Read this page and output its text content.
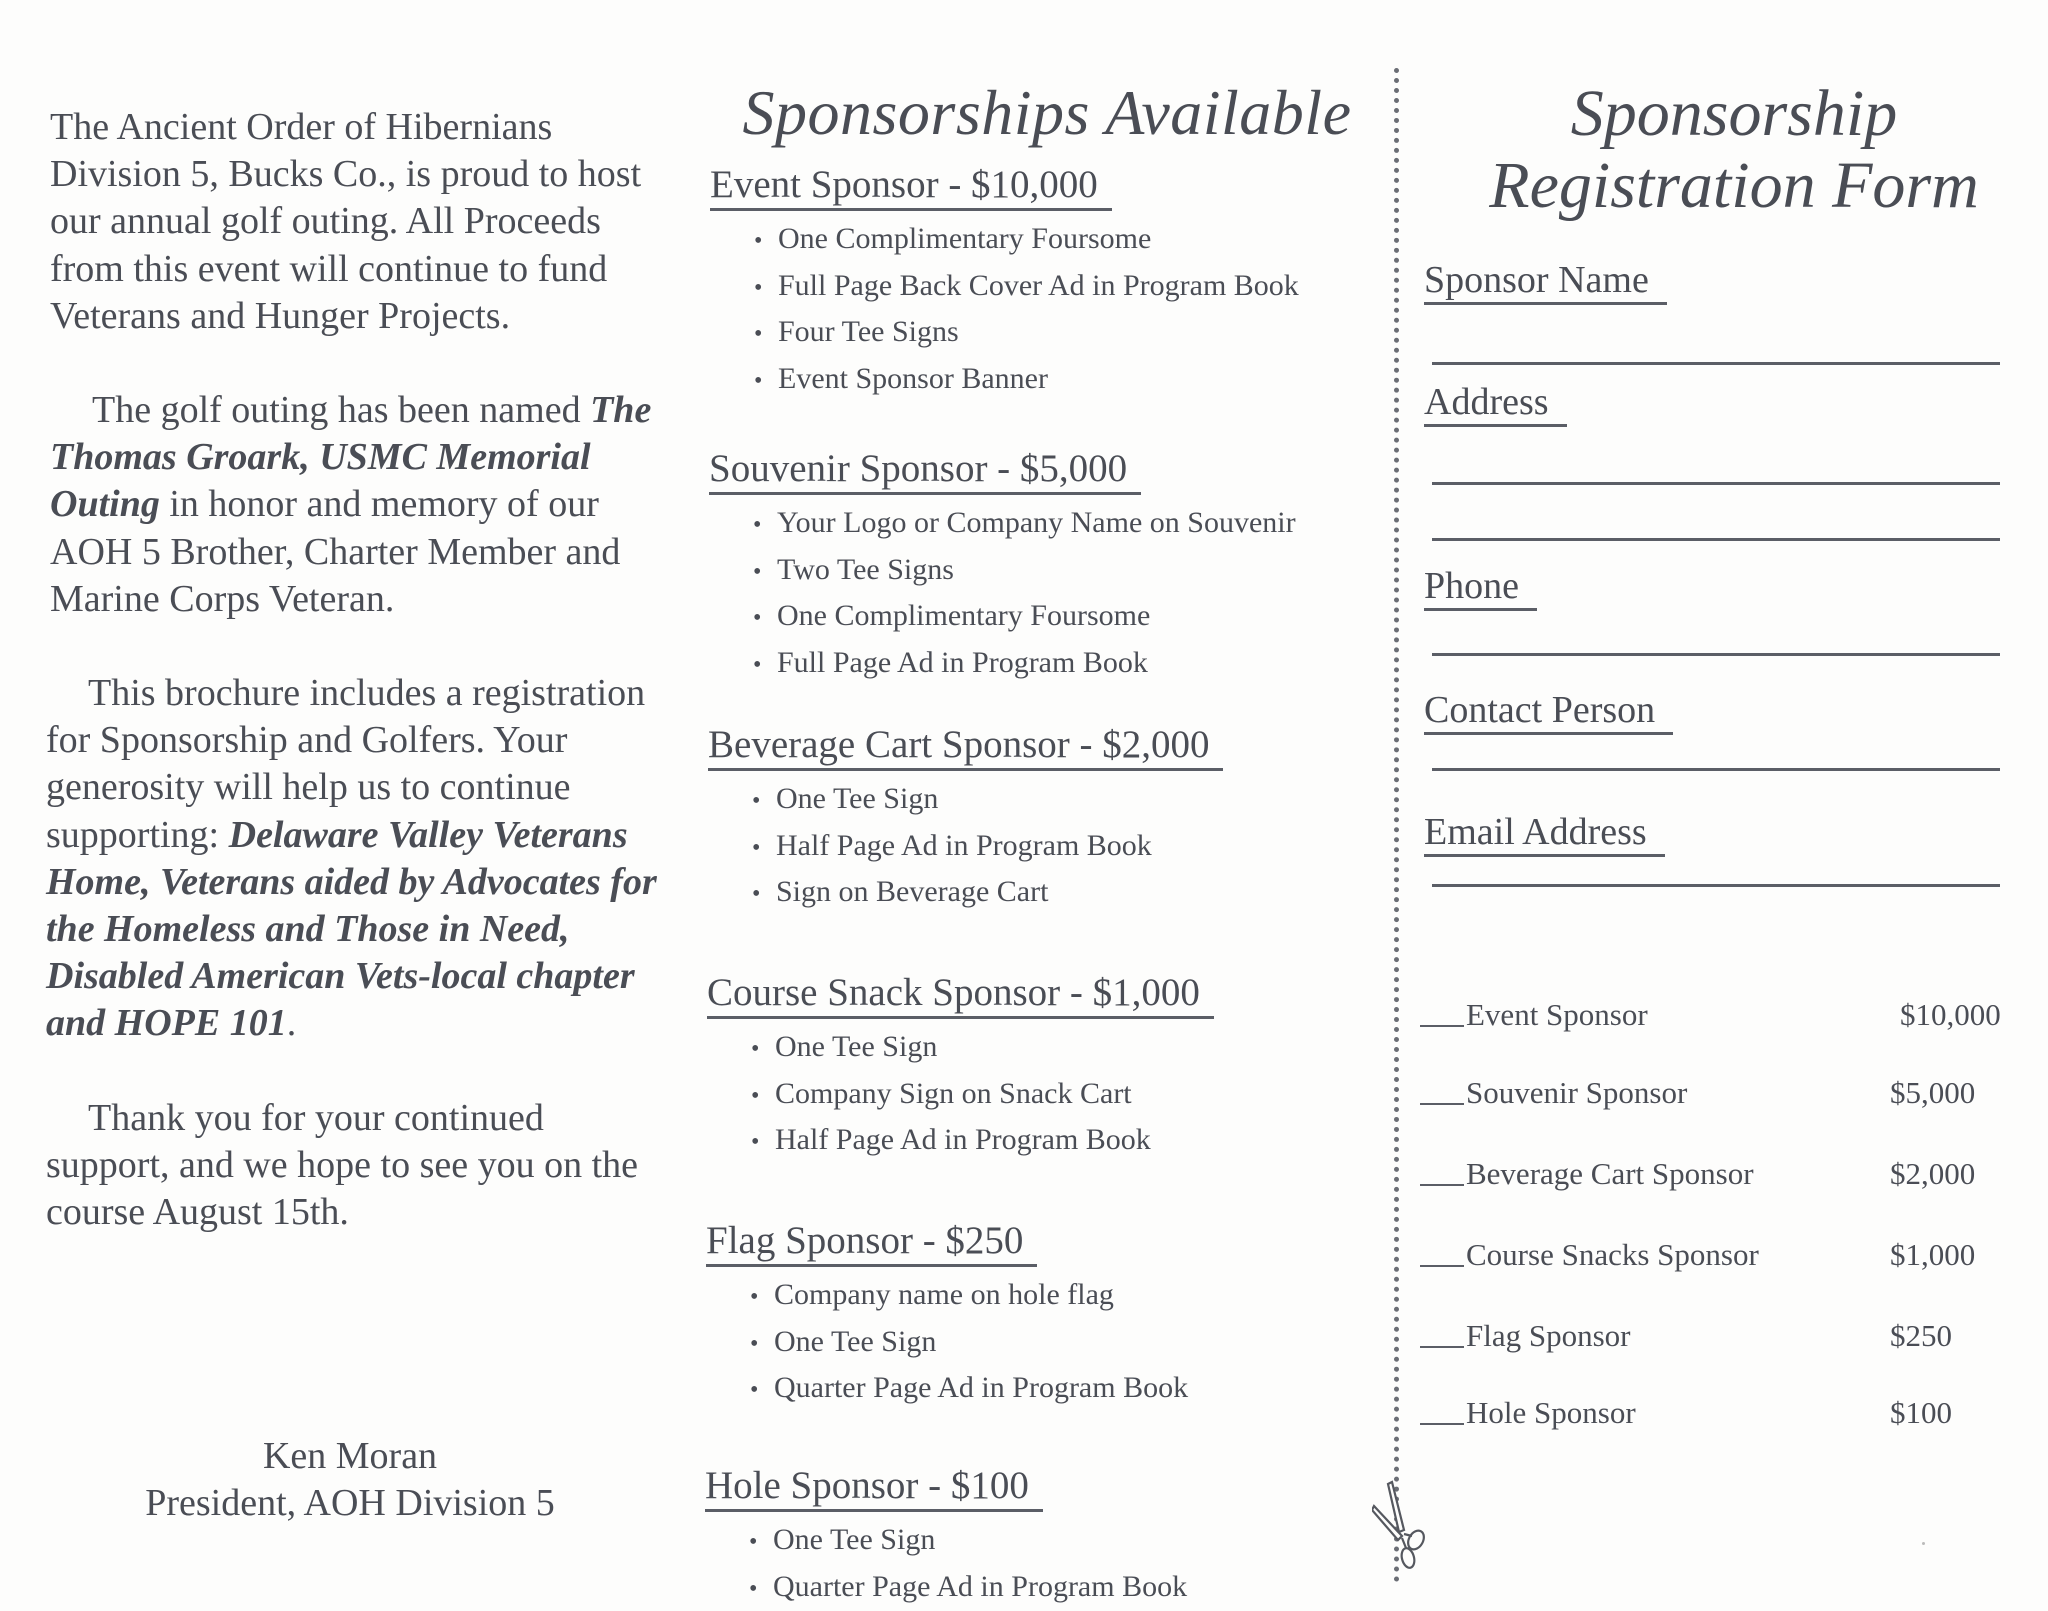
The Ancient Order of Hibernians Division 5, Bucks Co., is proud to host our annual golf outing. All Proceeds from this event will continue to fund Veterans and Hunger Projects.

The golf outing has been named The Thomas Groark, USMC Memorial Outing in honor and memory of our AOH 5 Brother, Charter Member and Marine Corps Veteran.

This brochure includes a registration for Sponsorship and Golfers. Your generosity will help us to continue supporting: Delaware Valley Veterans Home, Veterans aided by Advocates for the Homeless and Those in Need, Disabled American Vets-local chapter and HOPE 101.

Thank you for your continued support, and we hope to see you on the course August 15th.

Ken Moran
President, AOH Division 5
Sponsorships Available
Event Sponsor - $10,000
• One Complimentary Foursome
• Full Page Back Cover Ad in Program Book
• Four Tee Signs
• Event Sponsor Banner
Souvenir Sponsor - $5,000
• Your Logo or Company Name on Souvenir
• Two Tee Signs
• One Complimentary Foursome
• Full Page Ad in Program Book
Beverage Cart Sponsor - $2,000
• One Tee Sign
• Half Page Ad in Program Book
• Sign on Beverage Cart
Course Snack Sponsor - $1,000
• One Tee Sign
• Company Sign on Snack Cart
• Half Page Ad in Program Book
Flag Sponsor - $250
• Company name on hole flag
• One Tee Sign
• Quarter Page Ad in Program Book
Hole Sponsor - $100
• One Tee Sign
• Quarter Page Ad in Program Book
Sponsorship
Registration Form
Sponsor Name
Address
Phone
Contact Person
Email Address
Event Sponsor	$10,000
Souvenir Sponsor	$5,000
Beverage Cart Sponsor	$2,000
Course Snacks Sponsor	$1,000
Flag Sponsor	$250
Hole Sponsor	$100
